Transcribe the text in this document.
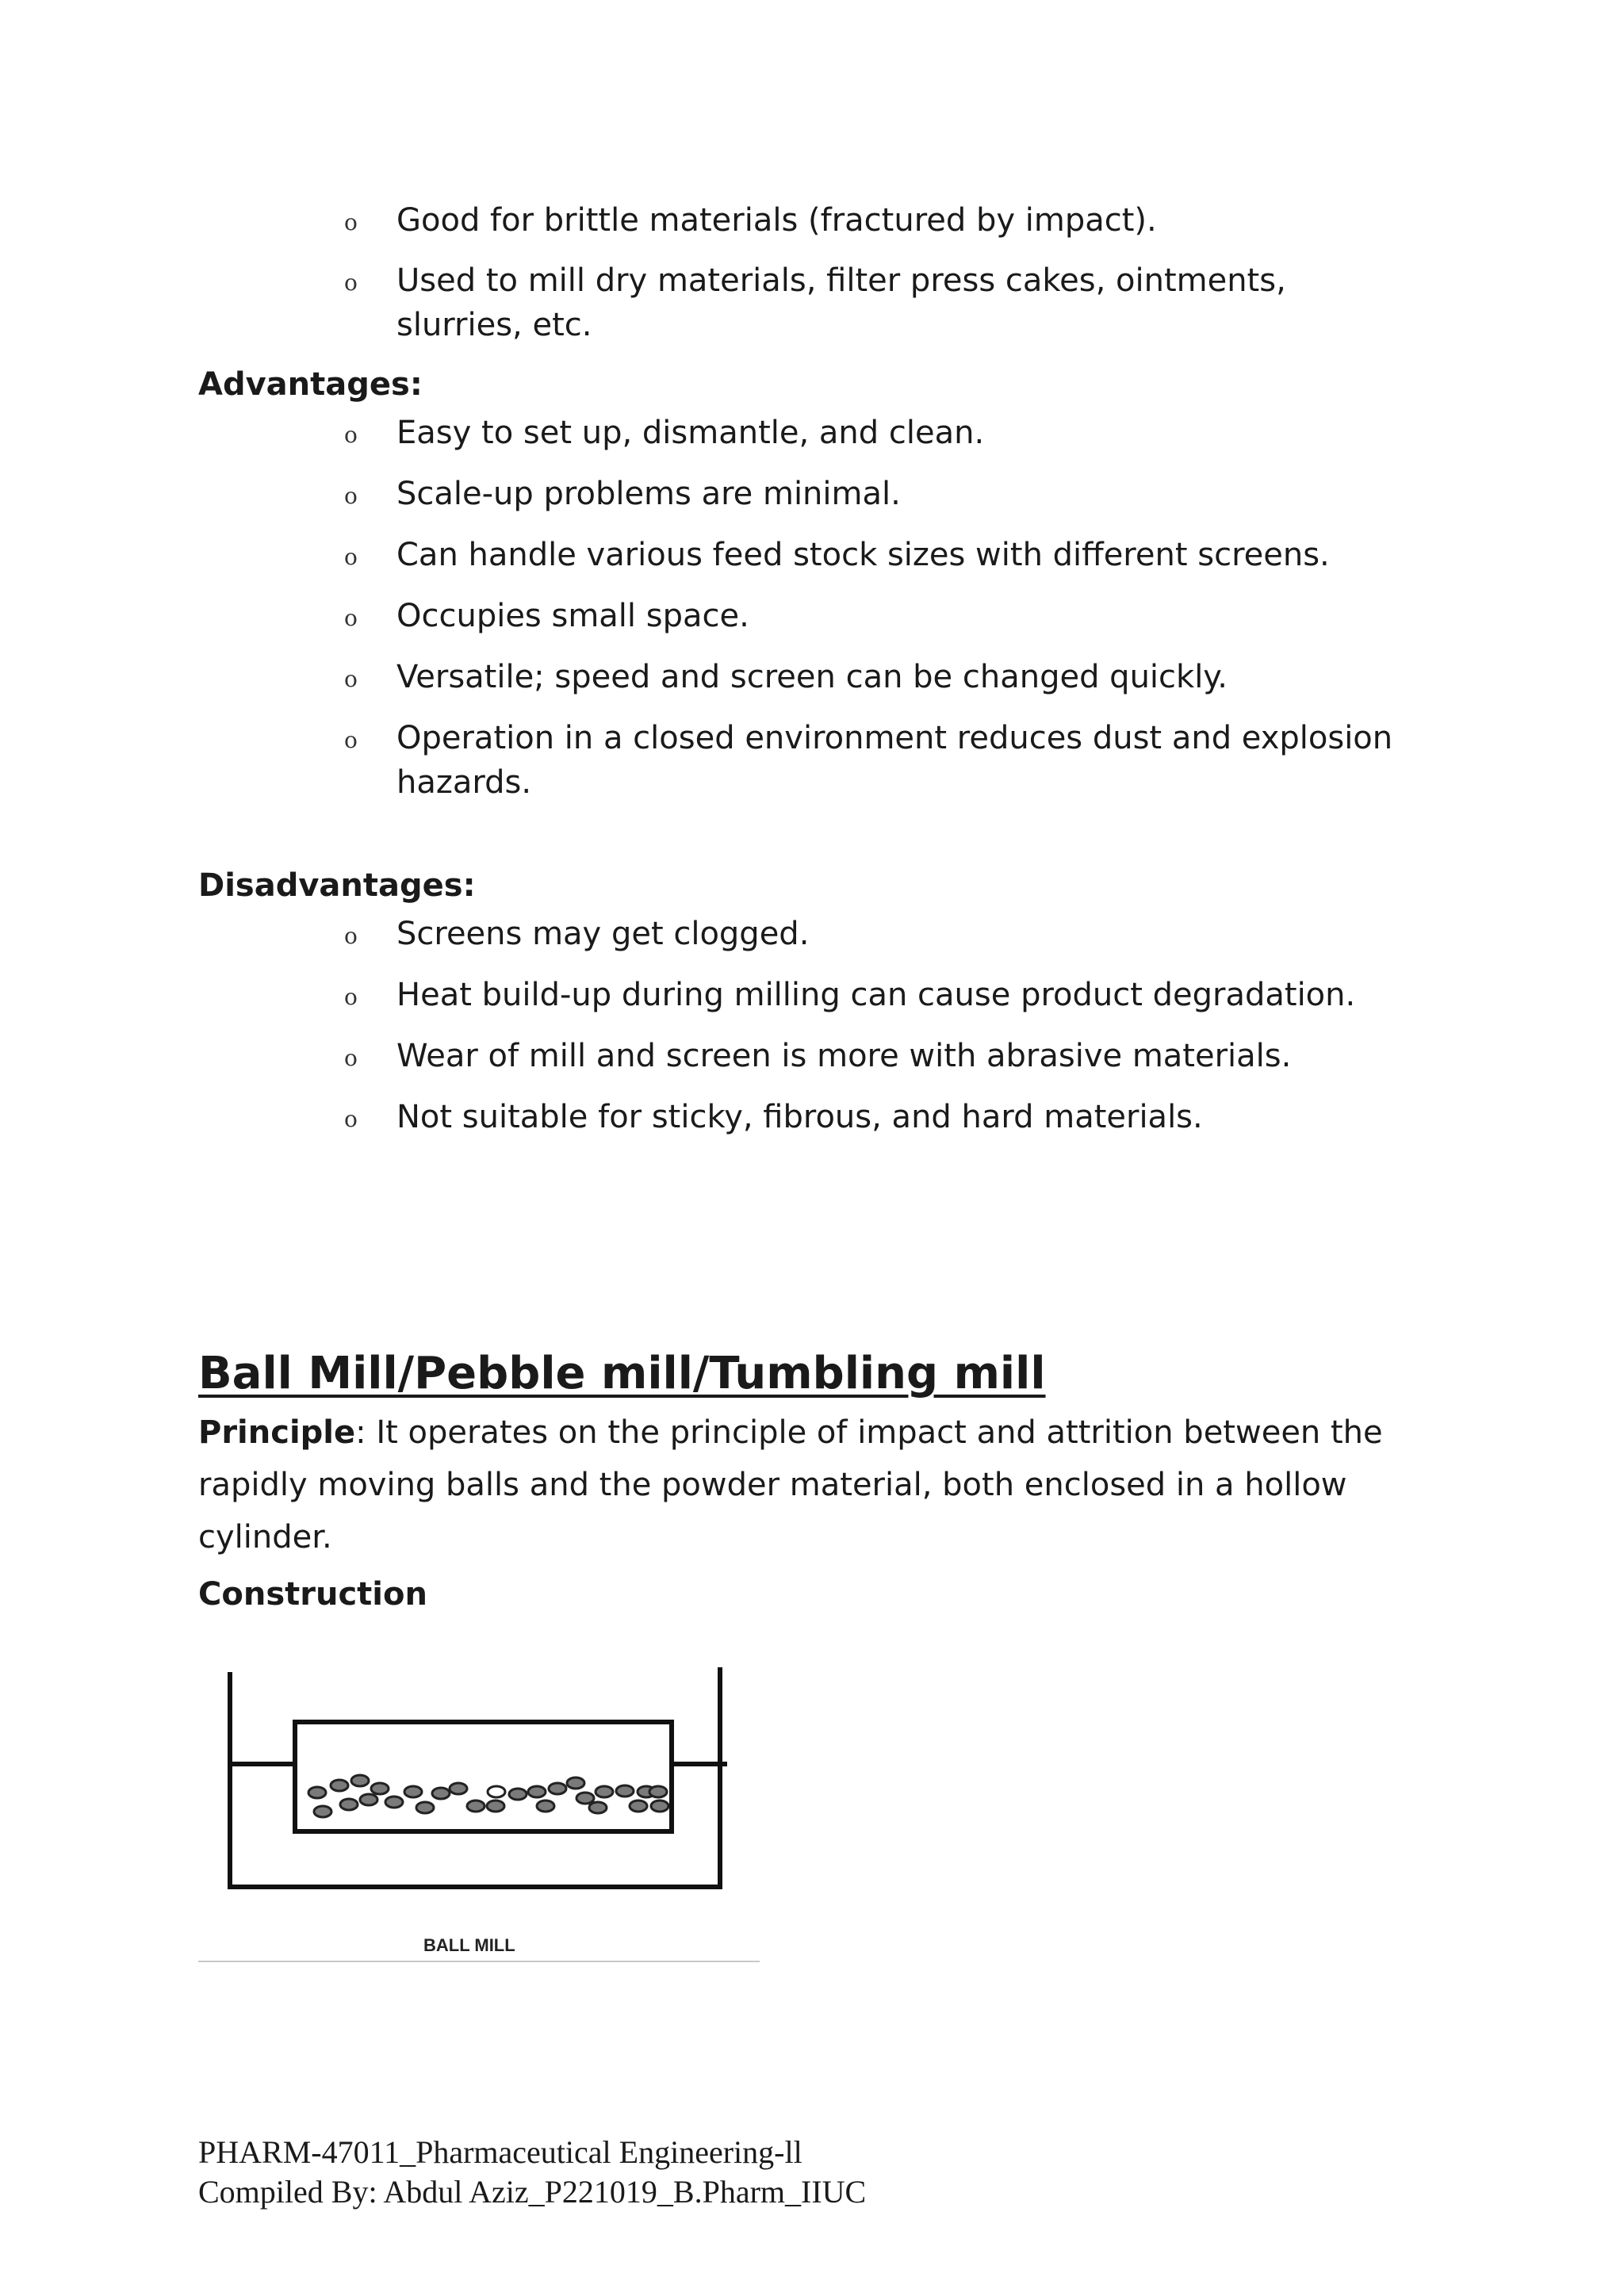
o Good for brittle materials (fractured by impact).
o Used to mill dry materials, filter press cakes, ointments, slurries, etc.
Advantages:
o Easy to set up, dismantle, and clean.
o Scale-up problems are minimal.
o Can handle various feed stock sizes with different screens.
o Occupies small space.
o Versatile; speed and screen can be changed quickly.
o Operation in a closed environment reduces dust and explosion hazards.
Disadvantages:
o Screens may get clogged.
o Heat build-up during milling can cause product degradation.
o Wear of mill and screen is more with abrasive materials.
o Not suitable for sticky, fibrous, and hard materials.
Ball Mill/Pebble mill/Tumbling mill

Principle: It operates on the principle of impact and attrition between the rapidly moving balls and the powder material, both enclosed in a hollow cylinder.

Construction
BALL MILL
PHARM-47011_Pharmaceutical Engineering-ll
Compiled By: Abdul Aziz_P221019_B.Pharm_IIUC
